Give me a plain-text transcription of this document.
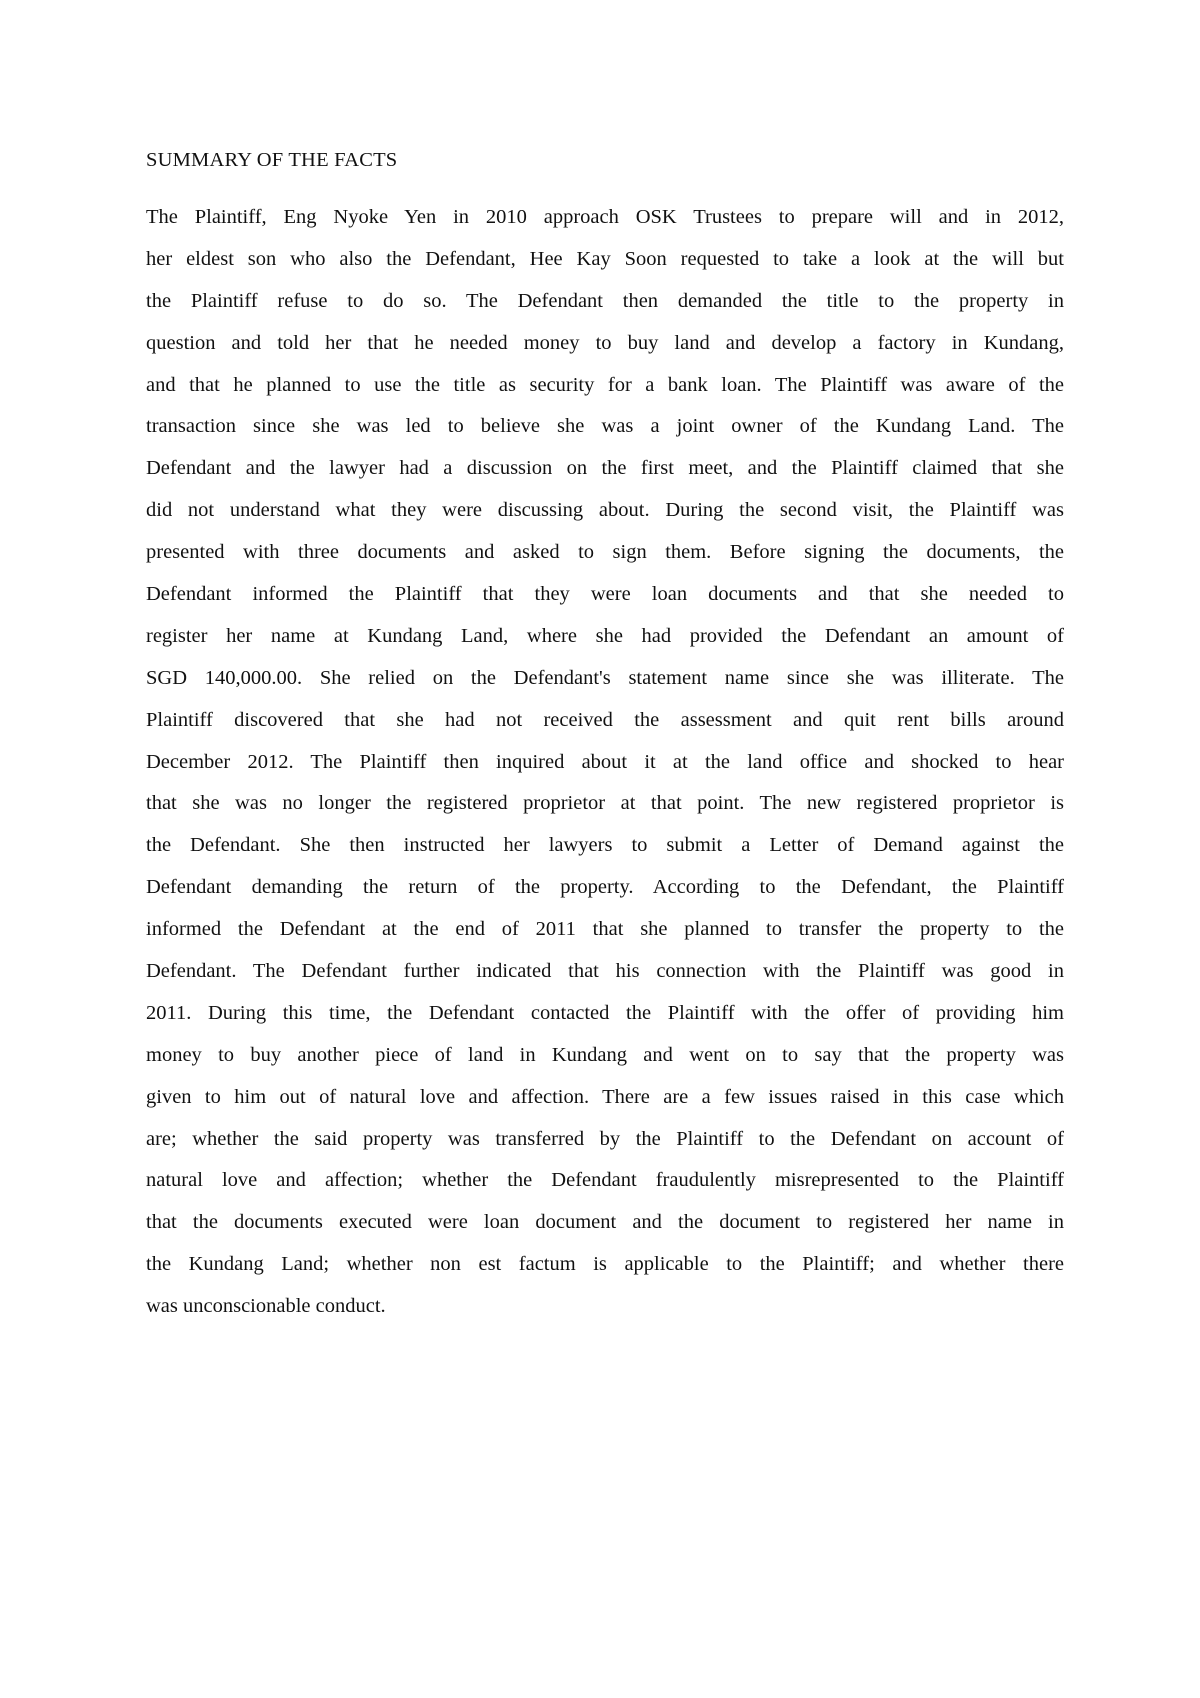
SUMMARY OF THE FACTS
The Plaintiff, Eng Nyoke Yen in 2010 approach OSK Trustees to prepare will and in 2012,
her eldest son who also the Defendant, Hee Kay Soon requested to take a look at the will but
the Plaintiff refuse to do so. The Defendant then demanded the title to the property in
question and told her that he needed money to buy land and develop a factory in Kundang,
and that he planned to use the title as security for a bank loan. The Plaintiff was aware of the
transaction since she was led to believe she was a joint owner of the Kundang Land. The
Defendant and the lawyer had a discussion on the first meet, and the Plaintiff claimed that she
did not understand what they were discussing about. During the second visit, the Plaintiff was
presented with three documents and asked to sign them. Before signing the documents, the
Defendant informed the Plaintiff that they were loan documents and that she needed to
register her name at Kundang Land, where she had provided the Defendant an amount of
SGD 140,000.00. She relied on the Defendant's statement name since she was illiterate. The
Plaintiff discovered that she had not received the assessment and quit rent bills around
December 2012. The Plaintiff then inquired about it at the land office and shocked to hear
that she was no longer the registered proprietor at that point. The new registered proprietor is
the Defendant. She then instructed her lawyers to submit a Letter of Demand against the
Defendant demanding the return of the property. According to the Defendant, the Plaintiff
informed the Defendant at the end of 2011 that she planned to transfer the property to the
Defendant. The Defendant further indicated that his connection with the Plaintiff was good in
2011. During this time, the Defendant contacted the Plaintiff with the offer of providing him
money to buy another piece of land in Kundang and went on to say that the property was
given to him out of natural love and affection. There are a few issues raised in this case which
are; whether the said property was transferred by the Plaintiff to the Defendant on account of
natural love and affection; whether the Defendant fraudulently misrepresented to the Plaintiff
that the documents executed were loan document and the document to registered her name in
the Kundang Land; whether non est factum is applicable to the Plaintiff; and whether there
was unconscionable conduct.
